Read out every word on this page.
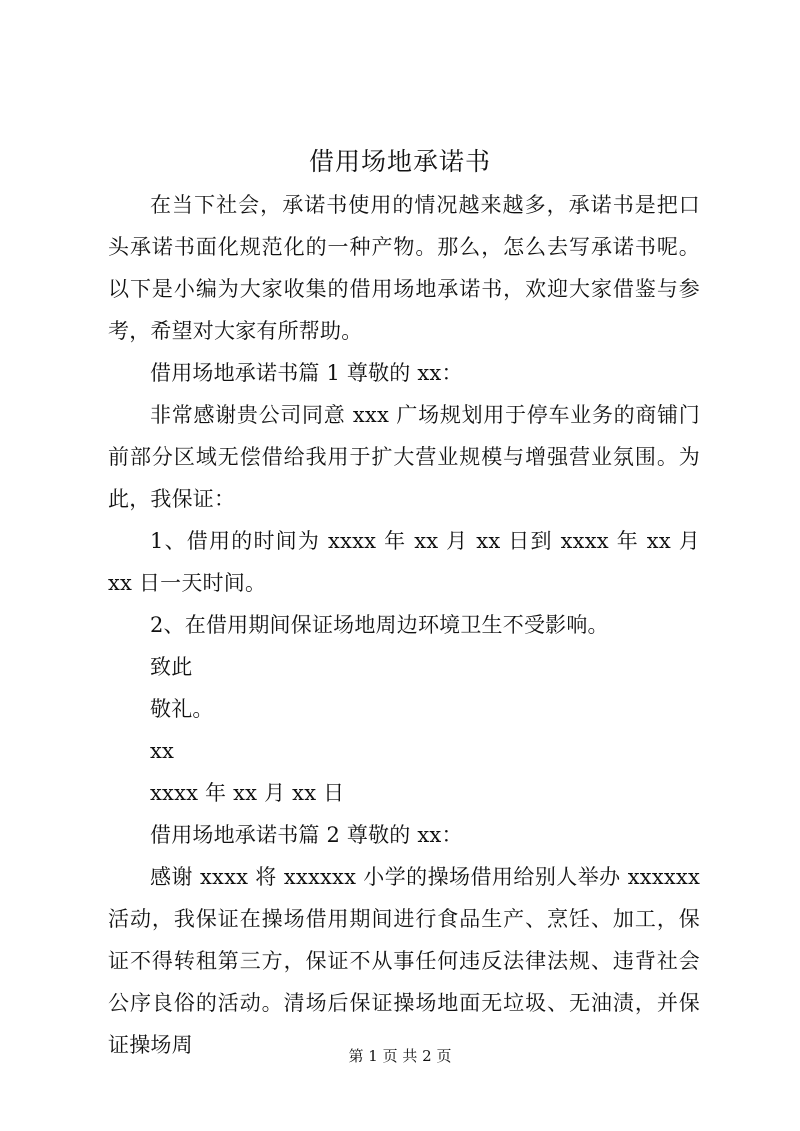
借用场地承诺书

在当下社会，承诺书使用的情况越来越多，承诺书是把口头承诺书面化规范化的一种产物。那么，怎么去写承诺书呢。以下是小编为大家收集的借用场地承诺书，欢迎大家借鉴与参考，希望对大家有所帮助。

借用场地承诺书篇 1 尊敬的 xx：

非常感谢贵公司同意 xxx 广场规划用于停车业务的商铺门前部分区域无偿借给我用于扩大营业规模与增强营业氛围。为此，我保证：

1、借用的时间为 xxxx 年 xx 月 xx 日到 xxxx 年 xx 月 xx 日一天时间。

2、在借用期间保证场地周边环境卫生不受影响。

致此

敬礼。

xx

xxxx 年 xx 月 xx 日

借用场地承诺书篇 2 尊敬的 xx：

感谢 xxxx 将 xxxxxx 小学的操场借用给别人举办 xxxxxx 活动，我保证在操场借用期间进行食品生产、烹饪、加工，保证不得转租第三方，保证不从事任何违反法律法规、违背社会公序良俗的活动。清场后保证操场地面无垃圾、无油渍，并保证操场周	第 1 页 共 2 页
